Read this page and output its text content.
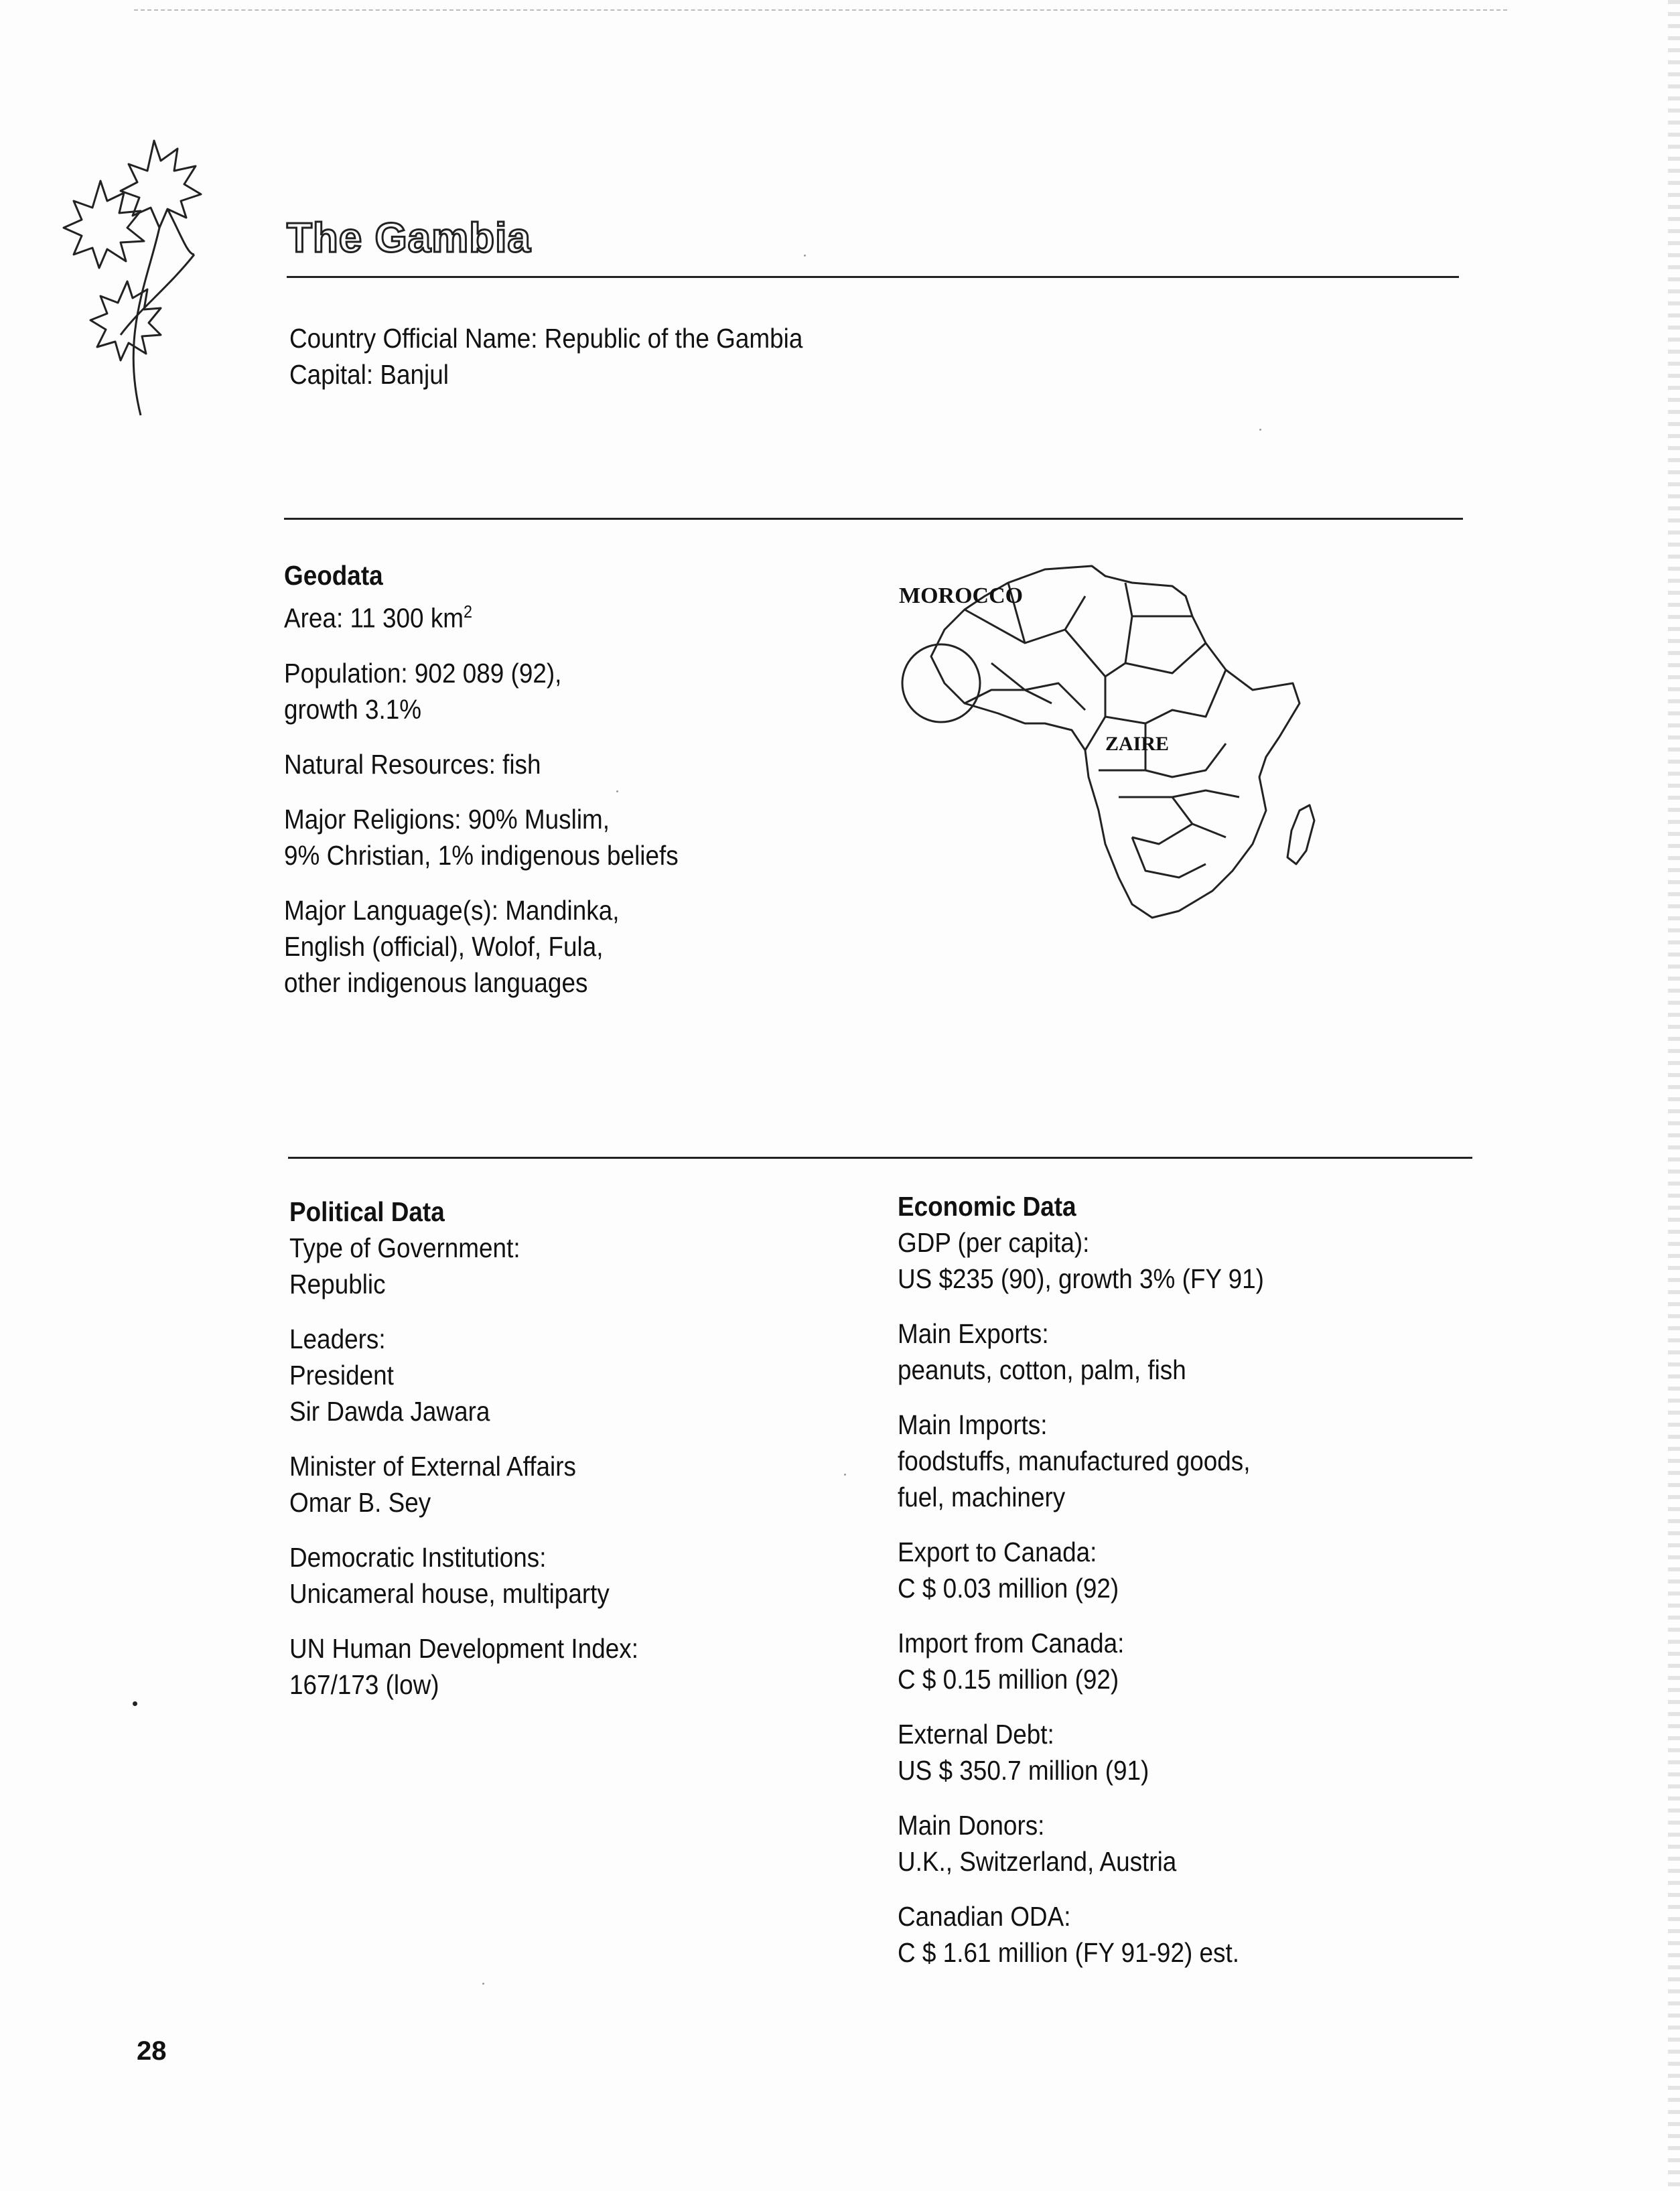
The Gambia
Country Official Name: Republic of the Gambia
Capital: Banjul
Geodata
Area: 11 300 $km^2$
Population: 902 089 (92),
growth 3.1%
Natural Resources: fish
Major Religions: 90% Muslim,
9% Christian, 1% indigenous beliefs
Major Language(s): Mandinka,
English (official), Wolof, Fula,
other indigenous languages
MOROCCO
ZAIRE
Political Data
Type of Government:
Republic
Leaders:
President
Sir Dawda Jawara
Minister of External Affairs
Omar B. Sey
Democratic Institutions:
Unicameral house, multiparty
UN Human Development Index:
167/173 (low)
Economic Data
GDP (per capita):
US $235 (90), growth 3% (FY 91)
Main Exports:
peanuts, cotton, palm, fish
Main Imports:
foodstuffs, manufactured goods,
fuel, machinery
Export to Canada:
C $ 0.03 million (92)
Import from Canada:
C $ 0.15 million (92)
External Debt:
US $ 350.7 million (91)
Main Donors:
U.K., Switzerland, Austria
Canadian ODA:
C $ 1.61 million (FY 91-92) est.
28
